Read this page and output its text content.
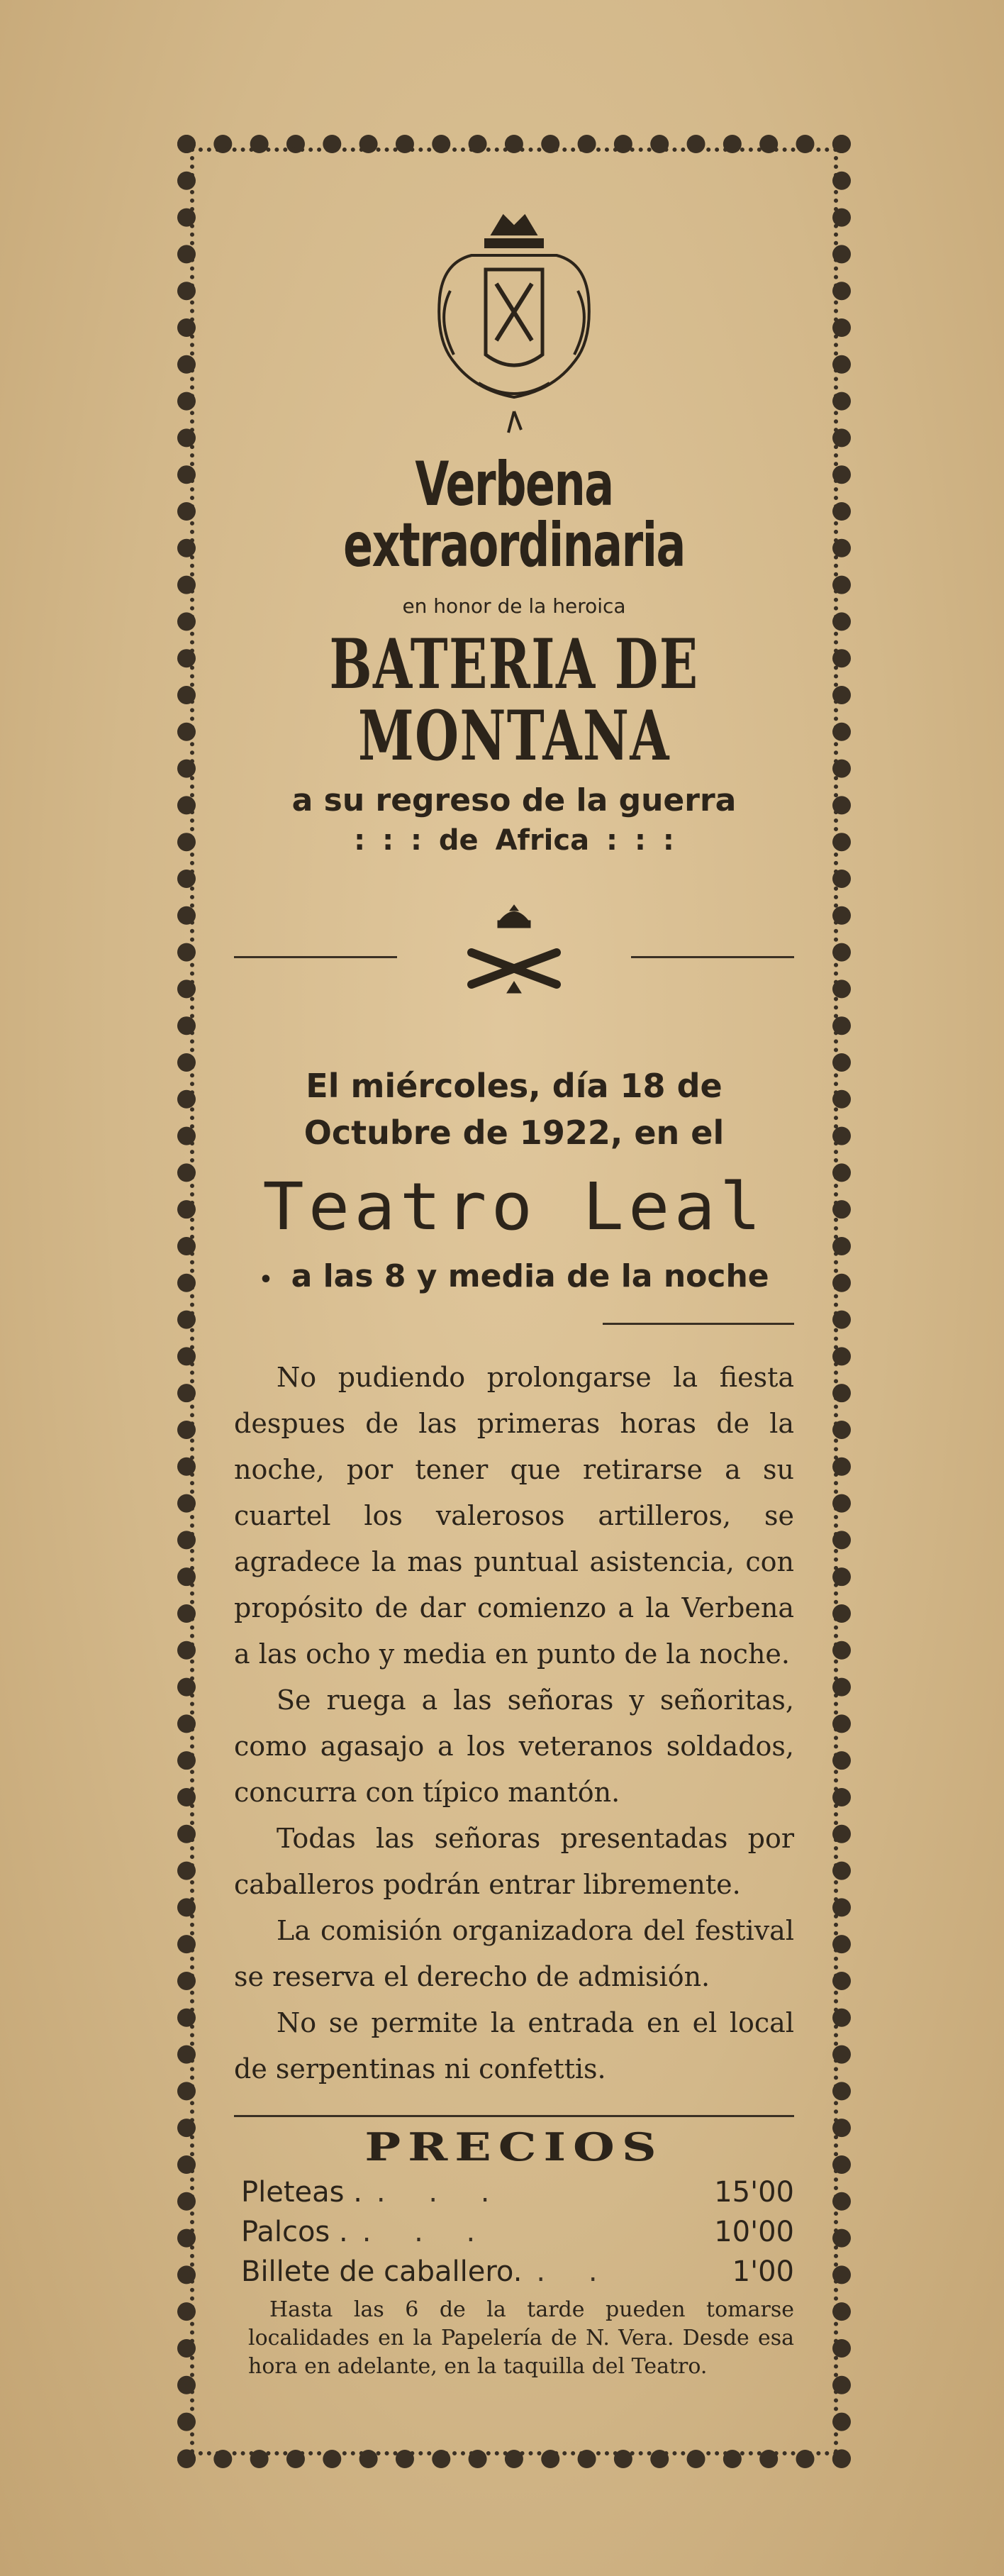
Verbena extraordinaria
en honor de la heroica
BATERIA DE MONTANA
a su regreso de la guerra
: : : de Africa : : :
El miércoles, día 18 de
Octubre de 1922, en el
Teatro Leal
• a las 8 y media de la noche

No pudiendo prolongarse la fiesta despues de las primeras horas de la noche, por tener que retirarse a su cuartel los valerosos artilleros, se agradece la mas puntual asistencia, con propósito de dar comienzo a la Verbena a las ocho y media en punto de la noche.

Se ruega a las señoras y señoritas, como agasajo a los veteranos soldados, concurra con típico mantón.

Todas las señoras presentadas por caballeros podrán entrar libremente.

La comisión organizadora del festival se reserva el derecho de admisión.

No se permite la entrada en el local de serpentinas ni confettis.

PRECIOS
Pleteas . . . .	15'00
Palcos . . . .	10'00
Billete de caballero. . .	1'00
Hasta las 6 de la tarde pueden tomarse localidades en la Papelería de N. Vera. Desde esa hora en adelante, en la taquilla del Teatro.
